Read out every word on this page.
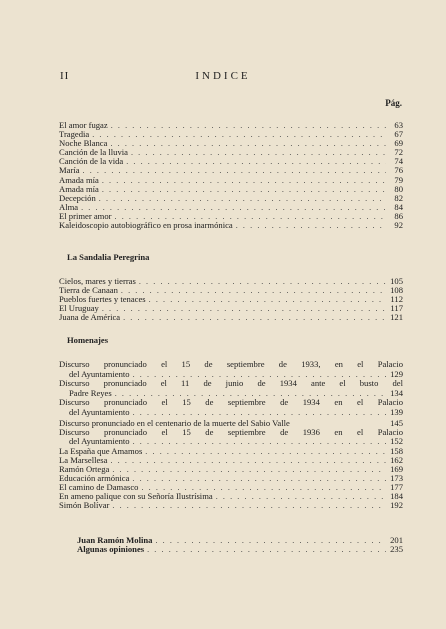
II	INDICE
Pág.
El amor fugaz . . .	63
Tragedia . . .	67
Noche Blanca . . .	69
Canción de la lluvia . . .	72
Canción de la vida . . .	74
María . . .	76
Amada mía . . .	79
Amada mía . . .	80
Decepción . . .	82
Alma . . .	84
El primer amor . . .	86
Kaleidoscopio autobiográfico en prosa inarmónica . . .	92
La Sandalia Peregrina
Cielos, mares y tierras . . .	105
Tierra de Canaan . . .	108
Pueblos fuertes y tenaces . . .	112
El Uruguay . . .	117
Juana de América . . .	121
Homenajes
Discurso pronunciado el 15 de septiembre de 1933, en el Palacio
del Ayuntamiento . . .	129
Discurso pronunciado el 11 de junio de 1934 ante el busto del
Padre Reyes . . .	134
Discurso pronunciado el 15 de septiembre de 1934 en el Palacio
del Ayuntamiento . . .	139
Discurso pronunciado en el centenario de la muerte del Sabio Valle	145
Discurso pronunciado el 15 de septiembre de 1936 en el Palacio
del Ayuntamiento . . .	152
La España que Amamos . . .	158
La Marsellesa . . .	162
Ramón Ortega . . .	169
Educación armónica . . .	173
El camino de Damasco . . .	177
En ameno palique con su Señoría Ilustrísima . . .	184
Simón Bolívar . . .	192
Juan Ramón Molina . . .	201
Algunas opiniones . . .	235
